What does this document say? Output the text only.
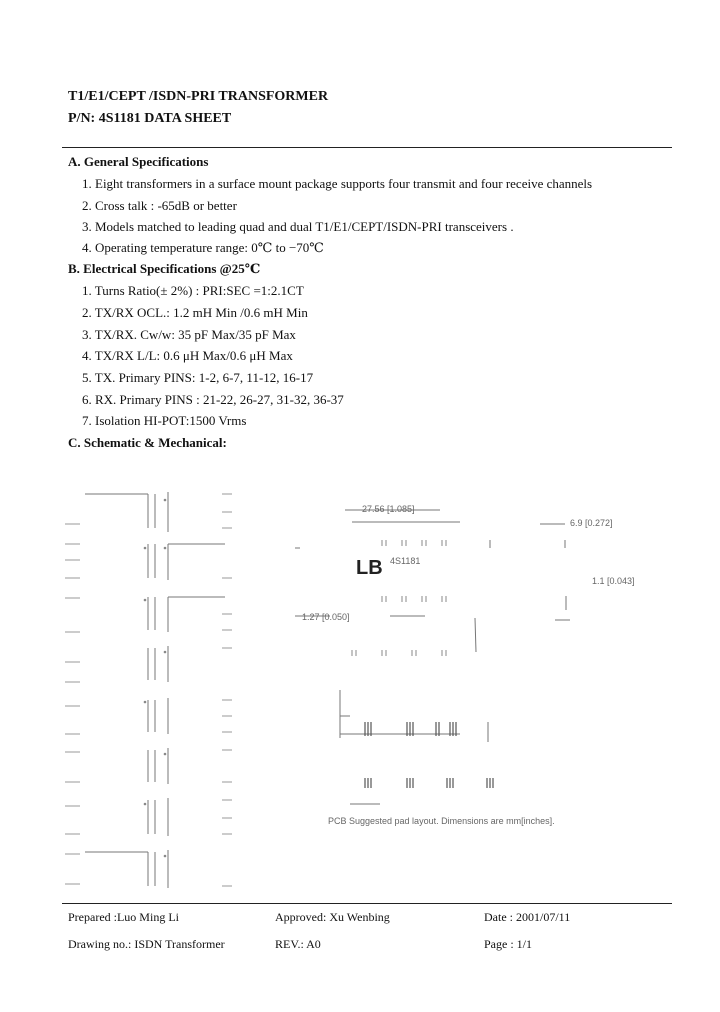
T1/E1/CEPT /ISDN-PRI TRANSFORMER
P/N: 4S1181 DATA SHEET
A. General Specifications
1. Eight transformers in a surface mount package supports four transmit and four receive channels
2. Cross talk : -65dB or better
3. Models matched to leading quad and dual T1/E1/CEPT/ISDN-PRI transceivers .
4. Operating temperature range: 0℃ to −70℃
B. Electrical Specifications @25℃
1. Turns Ratio(± 2%) : PRI:SEC =1:2.1CT
2. TX/RX OCL.: 1.2 mH Min /0.6 mH Min
3. TX/RX. Cw/w: 35 pF Max/35 pF Max
4. TX/RX L/L: 0.6 μH Max/0.6 μH Max
5. TX. Primary PINS: 1-2, 6-7, 11-12, 16-17
6. RX. Primary PINS : 21-22, 26-27, 31-32, 36-37
7. Isolation HI-POT:1500 Vrms
C. Schematic & Mechanical:
LB
27.56 [1.085]
6.9 [0.272]
1.1 [0.043]
1.27 [0.050]
4S1181
PCB Suggested pad layout. Dimensions are mm[inches].
Prepared :Luo Ming Li	Approved: Xu Wenbing	Date : 2001/07/11
Drawing no.: ISDN Transformer	REV.: A0	Page : 1/1
